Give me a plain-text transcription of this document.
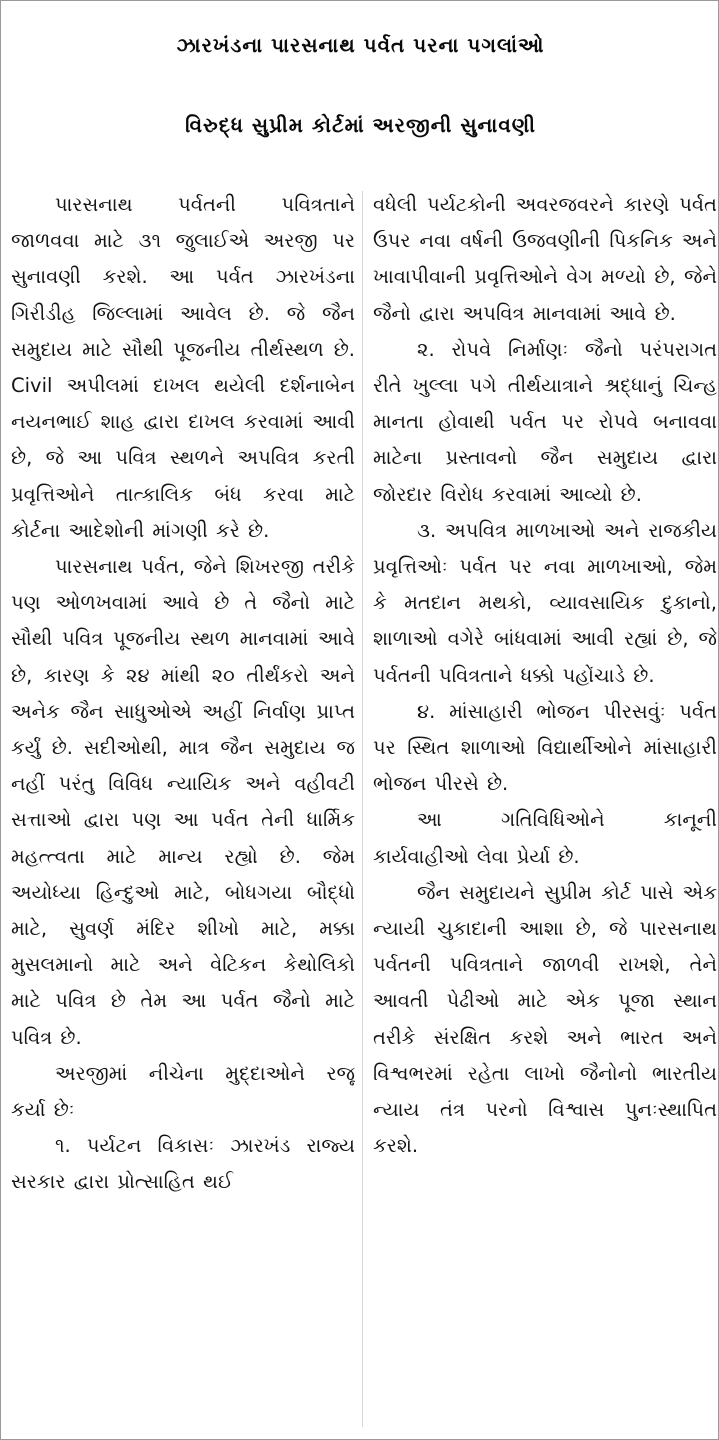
ઝારખંડના પારસનાથ પર્વત પરના પગલાંઓ
વિરુદ્ધ સુપ્રીમ કોર્ટમાં અરજીની સુનાવણી

પારસનાથ પર્વતની પવિત્રતાને જાળવવા માટે ૩૧ જુલાઈએ અરજી પર સુનાવણી કરશે. આ પર્વત ઝારખંડના ગિરીડીહ જિલ્લામાં આવેલ છે. જે જૈન સમુદાય માટે સૌથી પૂજનીય તીર્થસ્થળ છે. Civil અપીલમાં દાખલ થયેલી દર્શનાબેન નયનભાઈ શાહ દ્વારા દાખલ કરવામાં આવી છે, જે આ પવિત્ર સ્થળને અપવિત્ર કરતી પ્રવૃત્તિઓને તાત્કાલિક બંધ કરવા માટે કોર્ટના આદેશોની માંગણી કરે છે.

પારસનાથ પર્વત, જેને શિખરજી તરીકે પણ ઓળખવામાં આવે છે તે જૈનો માટે સૌથી પવિત્ર પૂજનીય સ્થળ માનવામાં આવે છે, કારણ કે ૨૪ માંથી ૨૦ તીર્થંકરો અને અનેક જૈન સાધુઓએ અહીં નિર્વાણ પ્રાપ્ત કર્યું છે. સદીઓથી, માત્ર જૈન સમુદાય જ નહીં પરંતુ વિવિધ ન્યાયિક અને વહીવટી સત્તાઓ દ્વારા પણ આ પર્વત તેની ધાર્મિક મહત્ત્વતા માટે માન્ય રહ્યો છે. જેમ અયોધ્યા હિન્દુઓ માટે, બોધગયા બૌદ્ધો માટે, સુવર્ણ મંદિર શીખો માટે, મક્કા મુસલમાનો માટે અને વેટિકન કેથોલિકો માટે પવિત્ર છે તેમ આ પર્વત જૈનો માટે પવિત્ર છે.

અરજીમાં નીચેના મુદ્દાઓને રજૂ કર્યા છેઃ

૧. પર્યટન વિકાસઃ ઝારખંડ રાજ્ય સરકાર દ્વારા પ્રોત્સાહિત થઈ

વધેલી પર્યટકોની અવરજવરને કારણે પર્વત ઉપર નવા વર્ષની ઉજવણીની પિકનિક અને ખાવાપીવાની પ્રવૃત્તિઓને વેગ મળ્યો છે, જેને જૈનો દ્વારા અપવિત્ર માનવામાં આવે છે.

૨. રોપવે નિર્માણઃ જૈનો પરંપરાગત રીતે ખુલ્લા પગે તીર્થયાત્રાને શ્રદ્ધાનું ચિન્હ માનતા હોવાથી પર્વત પર રોપવે બનાવવા માટેના પ્રસ્તાવનો જૈન સમુદાય દ્વારા જોરદાર વિરોધ કરવામાં આવ્યો છે.

૩. અપવિત્ર માળખાઓ અને રાજકીય પ્રવૃત્તિઓઃ પર્વત પર નવા માળખાઓ, જેમ કે મતદાન મથકો, વ્યાવસાયિક દુકાનો, શાળાઓ વગેરે બાંધવામાં આવી રહ્યાં છે, જે પર્વતની પવિત્રતાને ધક્કો પહોંચાડે છે.

૪. માંસાહારી ભોજન પીરસવુંઃ પર્વત પર સ્થિત શાળાઓ વિદ્યાર્થીઓને માંસાહારી ભોજન પીરસે છે.

આ ગતિવિધિઓને કાનૂની કાર્યવાહીઓ લેવા પ્રેર્યા છે.

જૈન સમુદાયને સુપ્રીમ કોર્ટ પાસે એક ન્યાયી ચુકાદાની આશા છે, જે પારસનાથ પર્વતની પવિત્રતાને જાળવી રાખશે, તેને આવતી પેઢીઓ માટે એક પૂજા સ્થાન તરીકે સંરક્ષિત કરશે અને ભારત અને વિશ્વભરમાં રહેતા લાખો જૈનોનો ભારતીય ન્યાય તંત્ર પરનો વિશ્વાસ પુનઃસ્થાપિત કરશે.
